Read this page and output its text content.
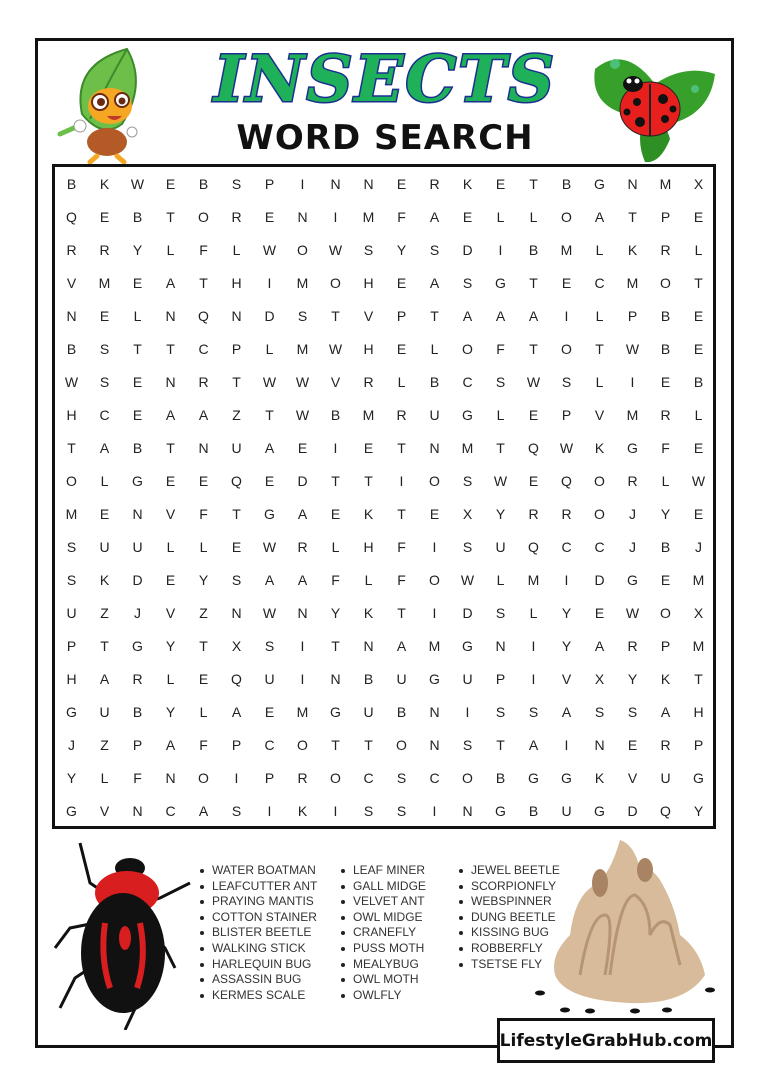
INSECTS
WORD SEARCH
B	K	W	E	B	S	P	I	N	N	E	R	K	E	T	B	G	N	M	X
Q	E	B	T	O	R	E	N	I	M	F	A	E	L	L	O	A	T	P	E
R	R	Y	L	F	L	W	O	W	S	Y	S	D	I	B	M	L	K	R	L
V	M	E	A	T	H	I	M	O	H	E	A	S	G	T	E	C	M	O	T
N	E	L	N	Q	N	D	S	T	V	P	T	A	A	A	I	L	P	B	E
B	S	T	T	C	P	L	M	W	H	E	L	O	F	T	O	T	W	B	E
W	S	E	N	R	T	W	W	V	R	L	B	C	S	W	S	L	I	E	B
H	C	E	A	A	Z	T	W	B	M	R	U	G	L	E	P	V	M	R	L
T	A	B	T	N	U	A	E	I	E	T	N	M	T	Q	W	K	G	F	E
O	L	G	E	E	Q	E	D	T	T	I	O	S	W	E	Q	O	R	L	W
M	E	N	V	F	T	G	A	E	K	T	E	X	Y	R	R	O	J	Y	E
S	U	U	L	L	E	W	R	L	H	F	I	S	U	Q	C	C	J	B	J
S	K	D	E	Y	S	A	A	F	L	F	O	W	L	M	I	D	G	E	M
U	Z	J	V	Z	N	W	N	Y	K	T	I	D	S	L	Y	E	W	O	X
P	T	G	Y	T	X	S	I	T	N	A	M	G	N	I	Y	A	R	P	M
H	A	R	L	E	Q	U	I	N	B	U	G	U	P	I	V	X	Y	K	T
G	U	B	Y	L	A	E	M	G	U	B	N	I	S	S	A	S	S	A	H
J	Z	P	A	F	P	C	O	T	T	O	N	S	T	A	I	N	E	R	P
Y	L	F	N	O	I	P	R	O	C	S	C	O	B	G	G	K	V	U	G
G	V	N	C	A	S	I	K	I	S	S	I	N	G	B	U	G	D	Q	Y
WATER BOATMAN
LEAFCUTTER ANT
PRAYING MANTIS
COTTON STAINER
BLISTER BEETLE
WALKING STICK
HARLEQUIN BUG
ASSASSIN BUG
KERMES SCALE
LEAF MINER
GALL MIDGE
VELVET ANT
OWL MIDGE
CRANEFLY
PUSS MOTH
MEALYBUG
OWL MOTH
OWLFLY
JEWEL BEETLE
SCORPIONFLY
WEBSPINNER
DUNG BEETLE
KISSING BUG
ROBBERFLY
TSETSE FLY
LifestyleGrabHub.com
